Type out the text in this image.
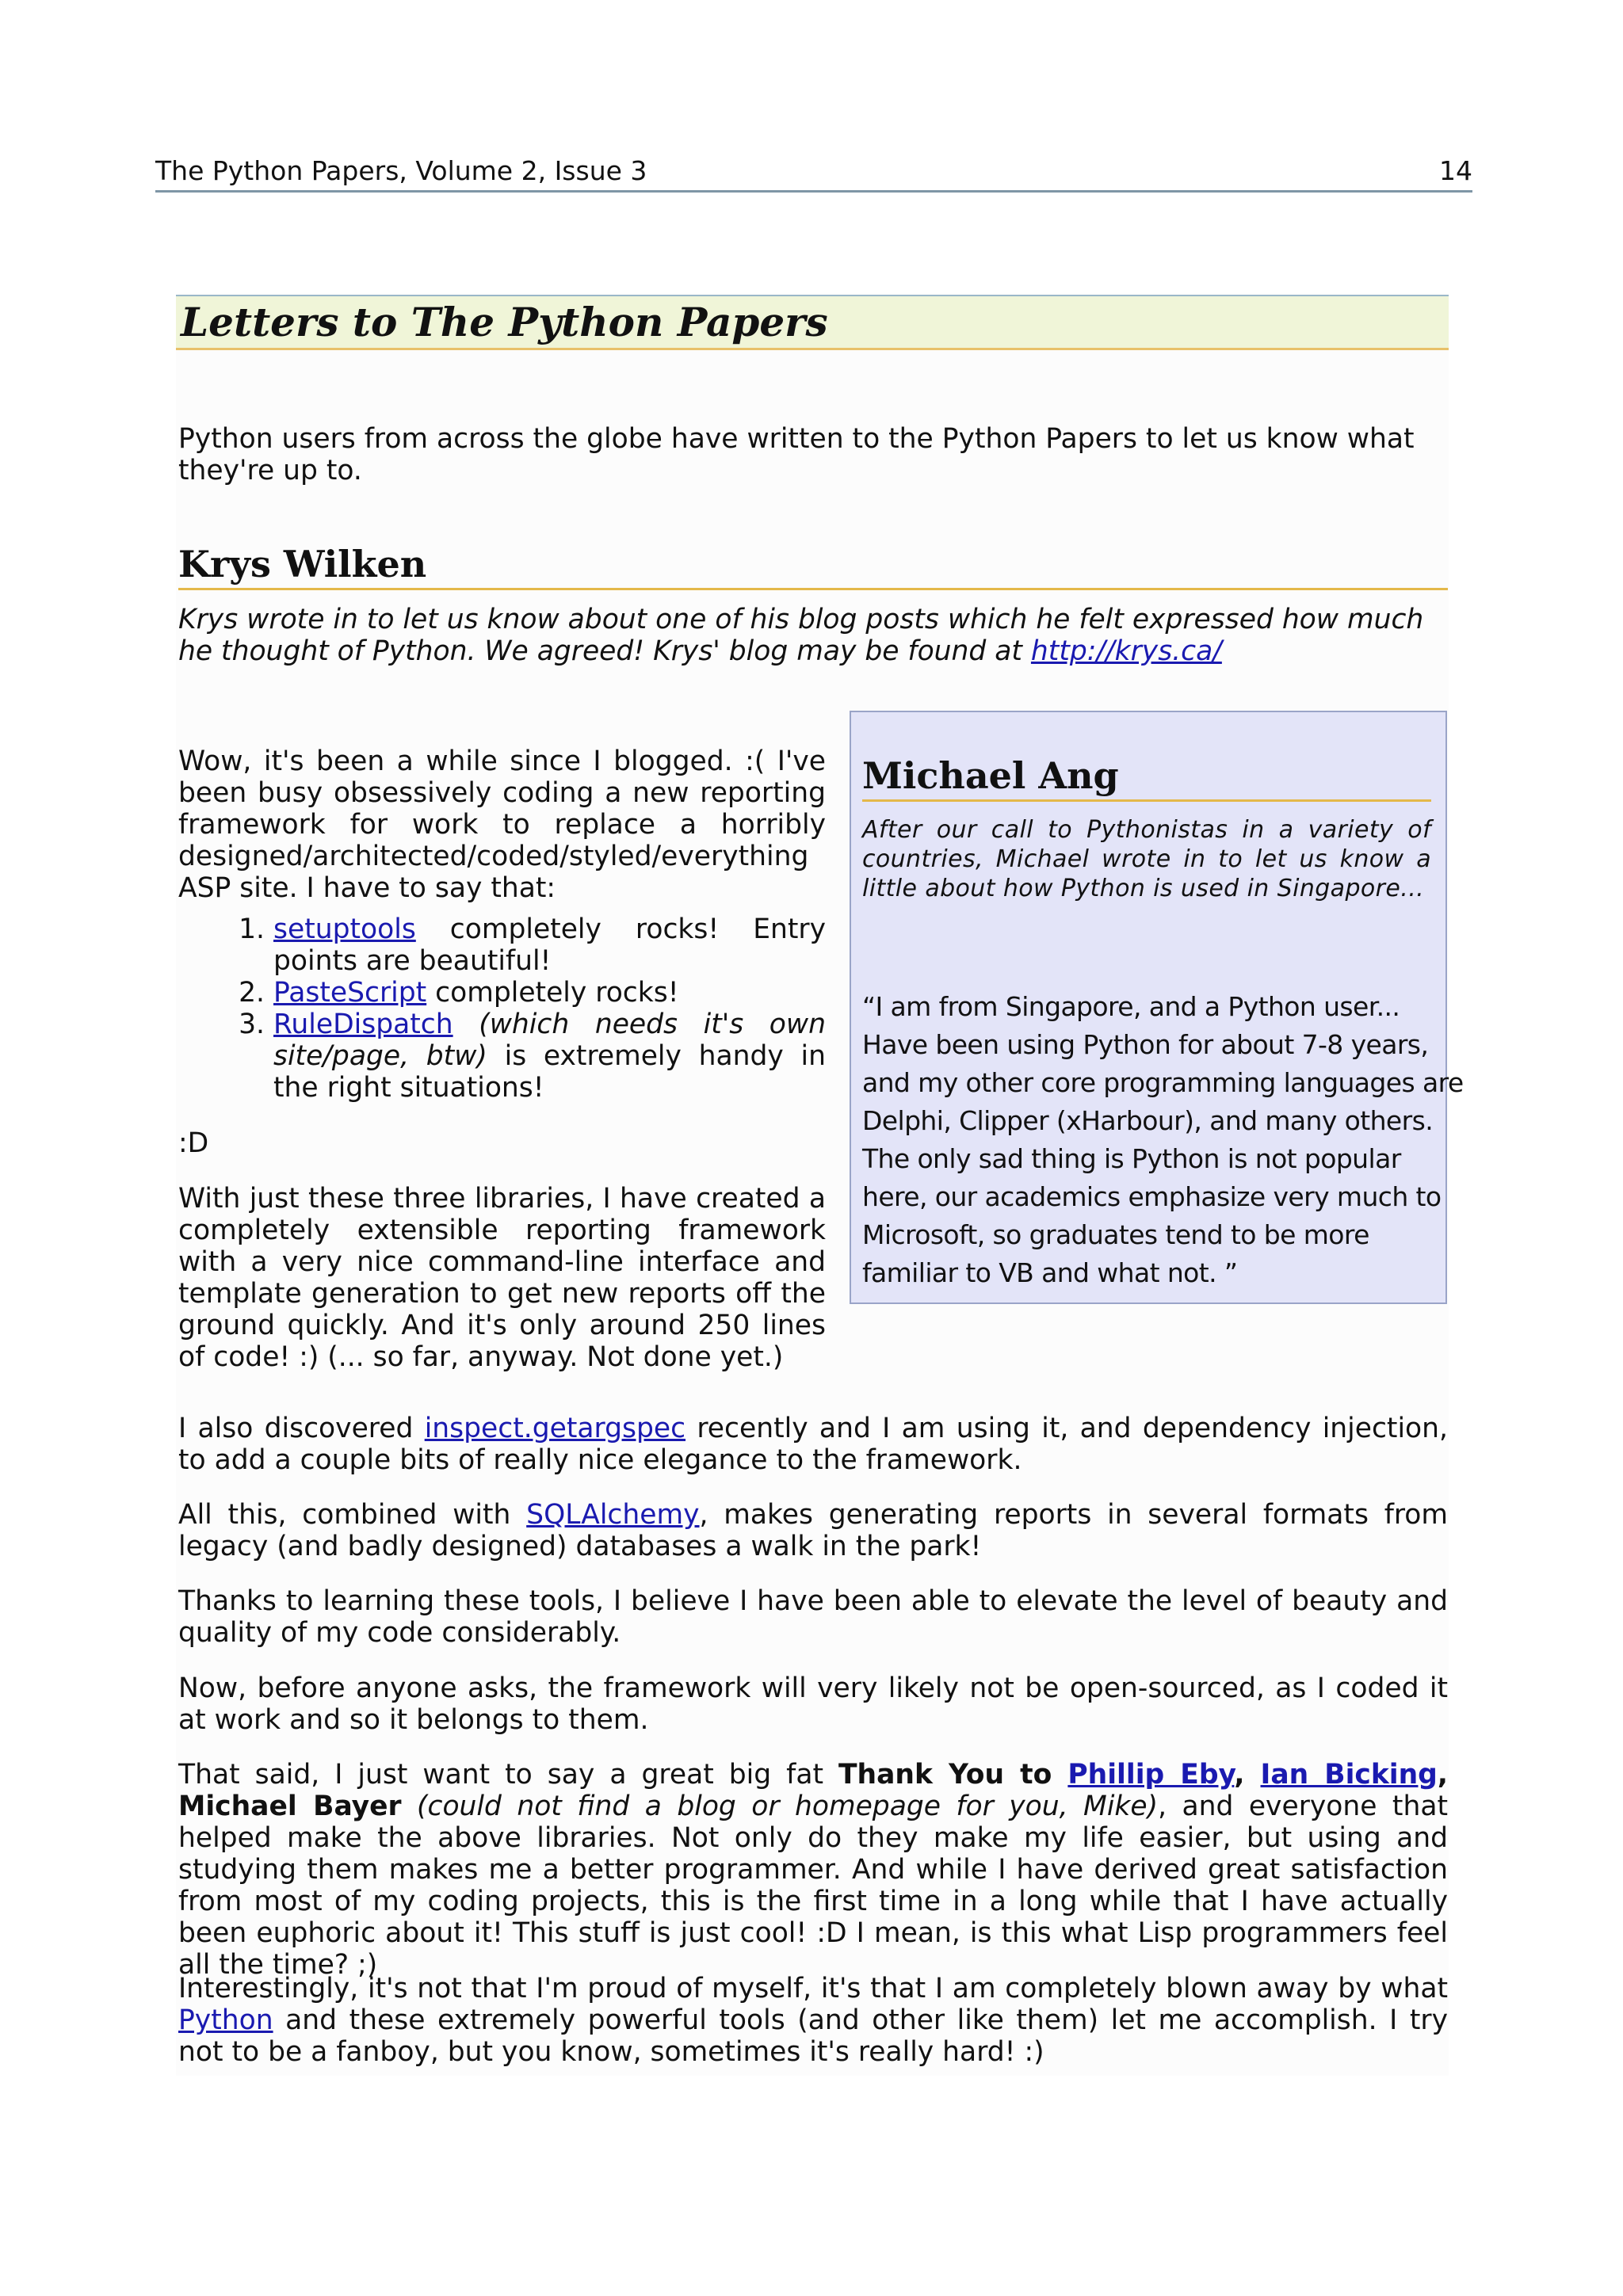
The Python Papers, Volume 2, Issue 3	14
Letters to The Python Papers

Python users from across the globe have written to the Python Papers to let us know what they're up to.

Krys Wilken

Krys wrote in to let us know about one of his blog posts which he felt expressed how much he thought of Python. We agreed! Krys' blog may be found at http://krys.ca/

Wow, it's been a while since I blogged. :( I've been busy obsessively coding a new reporting framework for work to replace a horribly designed/architected/coded/styled/everything ASP site. I have to say that:

1. setuptools completely rocks! Entry points are beautiful!
2. PasteScript completely rocks!
3. RuleDispatch (which needs it's own site/page, btw) is extremely handy in the right situations!

:D

With just these three libraries, I have created a completely extensible reporting framework with a very nice command-line interface and template generation to get new reports off the ground quickly. And it's only around 250 lines of code! :) (... so far, anyway. Not done yet.)

Michael Ang

After our call to Pythonistas in a variety of countries, Michael wrote in to let us know a little about how Python is used in Singapore...

“I am from Singapore, and a Python user...
Have been using Python for about 7-8 years,
and my other core programming languages are
Delphi, Clipper (xHarbour), and many others.
The only sad thing is Python is not popular
here, our academics emphasize very much to
Microsoft, so graduates tend to be more
familiar to VB and what not. ”

I also discovered inspect.getargspec recently and I am using it, and dependency injection, to add a couple bits of really nice elegance to the framework.

All this, combined with SQLAlchemy, makes generating reports in several formats from legacy (and badly designed) databases a walk in the park!

Thanks to learning these tools, I believe I have been able to elevate the level of beauty and quality of my code considerably.

Now, before anyone asks, the framework will very likely not be open-sourced, as I coded it at work and so it belongs to them.

That said, I just want to say a great big fat Thank You to Phillip Eby, Ian Bicking, Michael Bayer (could not find a blog or homepage for you, Mike), and everyone that helped make the above libraries. Not only do they make my life easier, but using and studying them makes me a better programmer. And while I have derived great satisfaction from most of my coding projects, this is the first time in a long while that I have actually been euphoric about it! This stuff is just cool! :D I mean, is this what Lisp programmers feel all the time? ;)

Interestingly, it's not that I'm proud of myself, it's that I am completely blown away by what Python and these extremely powerful tools (and other like them) let me accomplish. I try not to be a fanboy, but you know, sometimes it's really hard! :)
